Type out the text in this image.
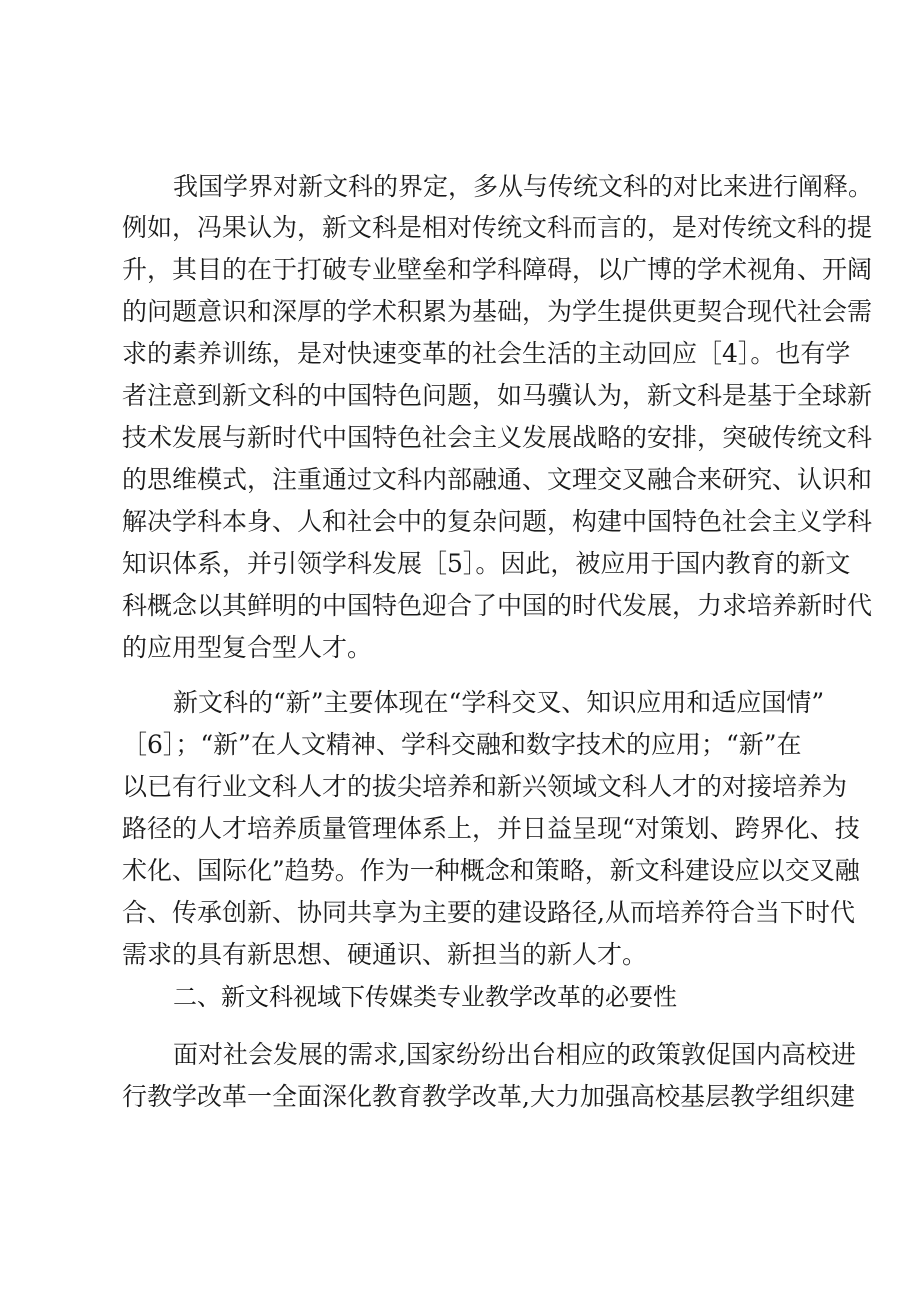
我国学界对新文科的界定，多从与传统文科的对比来进行阐释。
例如，冯果认为，新文科是相对传统文科而言的，是对传统文科的提
升，其目的在于打破专业壁垒和学科障碍，以广博的学术视角、开阔
的问题意识和深厚的学术积累为基础，为学生提供更契合现代社会需
求的素养训练，是对快速变革的社会生活的主动回应［4］。也有学
者注意到新文科的中国特色问题，如马骥认为，新文科是基于全球新
技术发展与新时代中国特色社会主义发展战略的安排，突破传统文科
的思维模式，注重通过文科内部融通、文理交叉融合来研究、认识和
解决学科本身、人和社会中的复杂问题，构建中国特色社会主义学科
知识体系，并引领学科发展［5］。因此，被应用于国内教育的新文
科概念以其鲜明的中国特色迎合了中国的时代发展，力求培养新时代
的应用型复合型人才。
新文科的“新”主要体现在“学科交叉、知识应用和适应国情”
［6］；“新”在人文精神、学科交融和数字技术的应用；“新”在
以已有行业文科人才的拔尖培养和新兴领域文科人才的对接培养为
路径的人才培养质量管理体系上，并日益呈现“对策划、跨界化、技
术化、国际化”趋势。作为一种概念和策略，新文科建设应以交叉融
合、传承创新、协同共享为主要的建设路径,从而培养符合当下时代
需求的具有新思想、硬通识、新担当的新人才。
二、新文科视域下传媒类专业教学改革的必要性
面对社会发展的需求,国家纷纷出台相应的政策敦促国内高校进
行教学改革一全面深化教育教学改革,大力加强高校基层教学组织建
